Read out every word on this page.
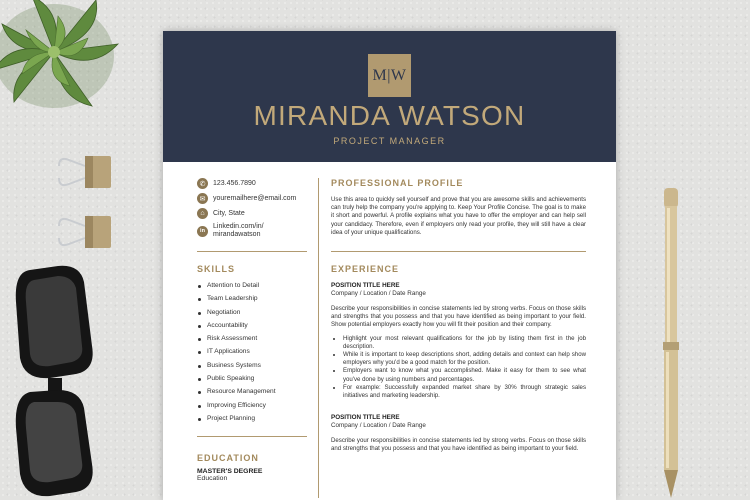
M|W
MIRANDA WATSON
PROJECT MANAGER
✆	123.456.7890
✉	youremailhere@email.com
⌂	City, State
in
Linkedin.com/in/
mirandawatson
SKILLS
Attention to Detail
Team Leadership
Negotiation
Accountability
Risk Assessment
IT Applications
Business Systems
Public Speaking
Resource Management
Improving Efficiency
Project Planning
EDUCATION
MASTER'S DEGREE
Education
PROFESSIONAL PROFILE

Use this area to quickly sell yourself and prove that you are awesome skills and achievements can truly help the company you're applying to. Keep Your Profile Concise. The goal is to make it short and powerful. A profile explains what you have to offer the employer and can help sell your candidacy. Therefore, even if employers only read your profile, they will still have a clear idea of your unique qualifications.

EXPERIENCE
POSITION TITLE HERE
Company / Location / Date Range

Describe your responsibilities in concise statements led by strong verbs. Focus on those skills and strengths that you possess and that you have identified as being important to your field. Show potential employers exactly how you will fit their position and their company.

• Highlight your most relevant qualifications for the job by listing them first in the job description.
• While it is important to keep descriptions short, adding details and context can help show employers why you'd be a good match for the position.
• Employers want to know what you accomplished. Make it easy for them to see what you've done by using numbers and percentages.
• For example: Successfully expanded market share by 30% through strategic sales initiatives and marketing leadership.
POSITION TITLE HERE
Company / Location / Date Range

Describe your responsibilities in concise statements led by strong verbs. Focus on those skills and strengths that you possess and that you have identified as being important to your field.
